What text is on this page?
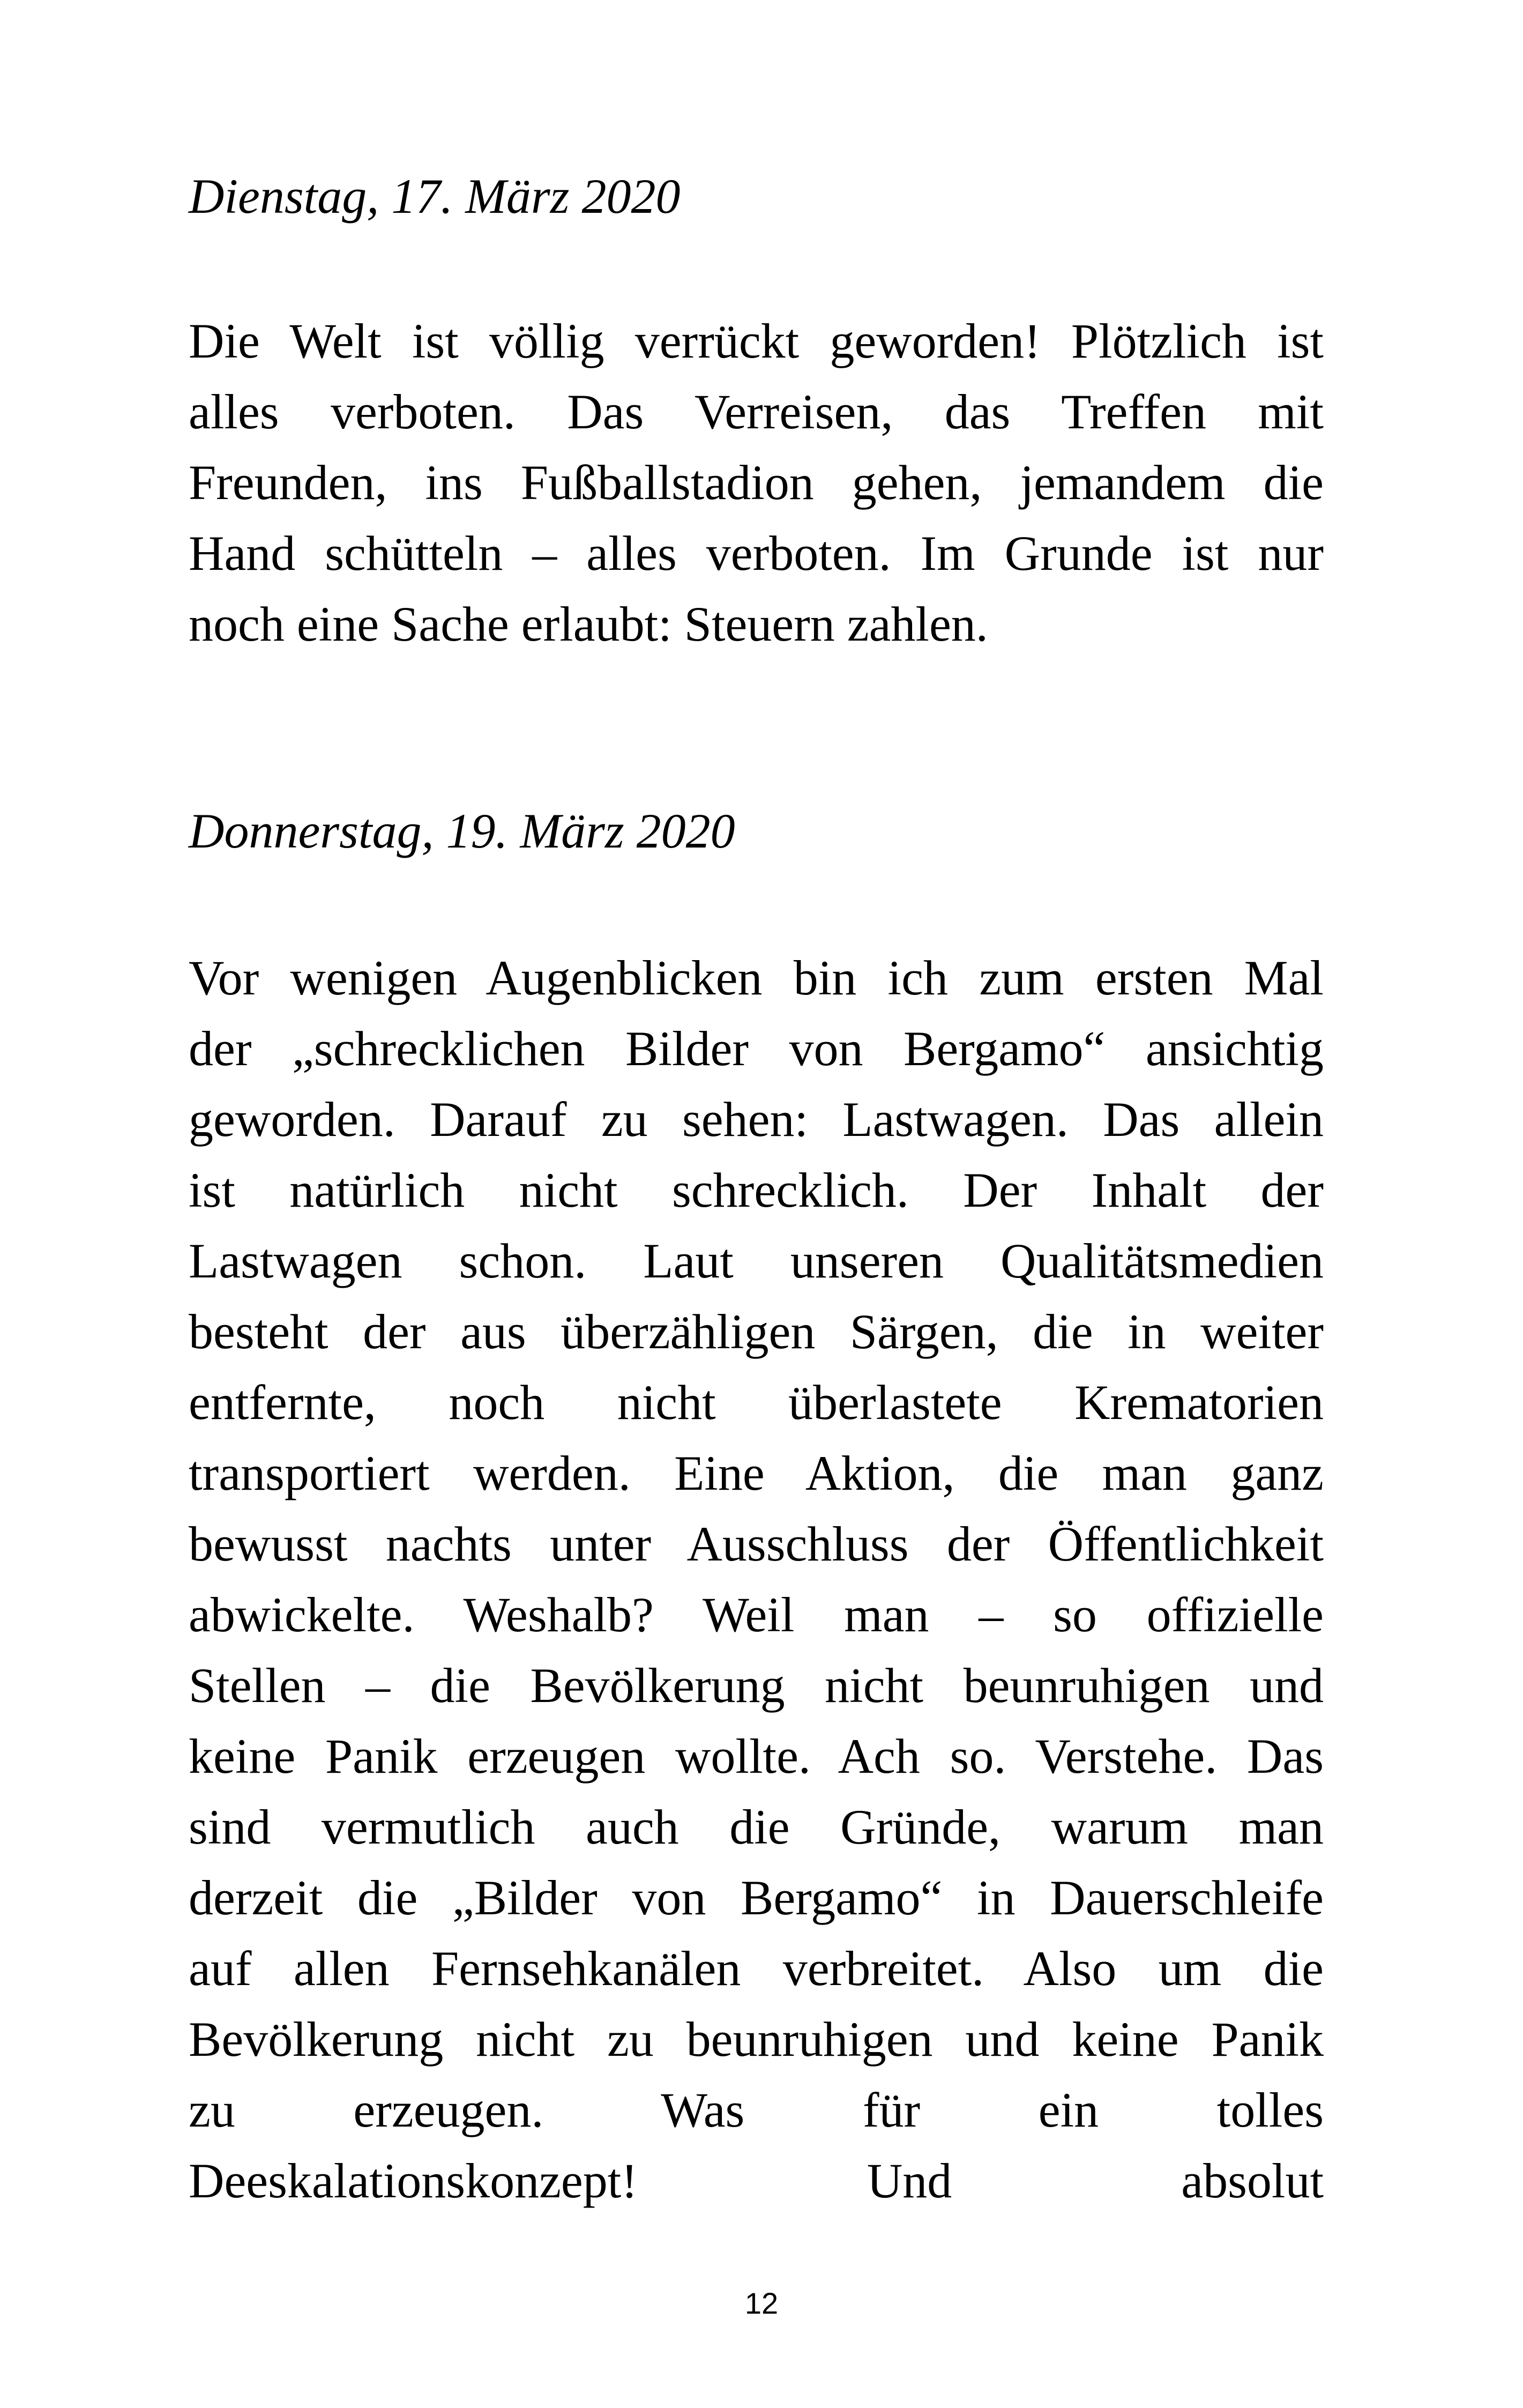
Dienstag, 17. März 2020

Die Welt ist völlig verrückt geworden! Plötzlich ist
alles verboten. Das Verreisen, das Treffen mit
Freunden, ins Fußballstadion gehen, jemandem die
Hand schütteln – alles verboten. Im Grunde ist nur
noch eine Sache erlaubt: Steuern zahlen.

Donnerstag, 19. März 2020

Vor wenigen Augenblicken bin ich zum ersten Mal
der „schrecklichen Bilder von Bergamo“ ansichtig
geworden. Darauf zu sehen: Lastwagen. Das allein
ist natürlich nicht schrecklich. Der Inhalt der
Lastwagen schon. Laut unseren Qualitätsmedien
besteht der aus überzähligen Särgen, die in weiter
entfernte, noch nicht überlastete Krematorien
transportiert werden. Eine Aktion, die man ganz
bewusst nachts unter Ausschluss der Öffentlichkeit
abwickelte. Weshalb? Weil man – so offizielle
Stellen – die Bevölkerung nicht beunruhigen und
keine Panik erzeugen wollte. Ach so. Verstehe. Das
sind vermutlich auch die Gründe, warum man
derzeit die „Bilder von Bergamo“ in Dauerschleife
auf allen Fernsehkanälen verbreitet. Also um die
Bevölkerung nicht zu beunruhigen und keine Panik
zu erzeugen. Was für ein tolles
Deeskalationskonzept! Und absolut

12
